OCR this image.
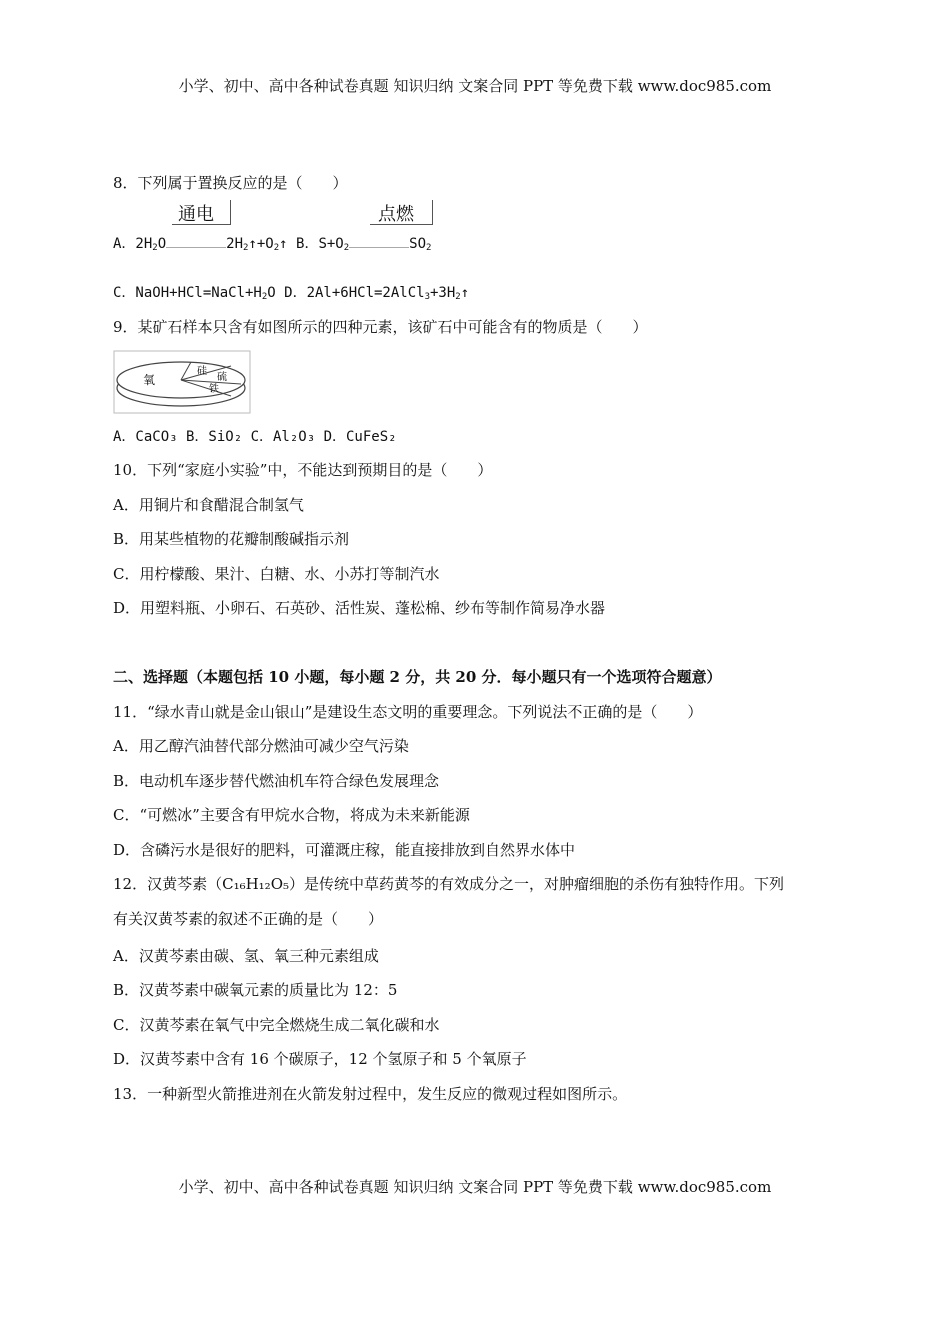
小学、初中、高中各种试卷真题 知识归纳 文案合同 PPT 等免费下载 www.doc985.com
8．下列属于置换反应的是（　　）
通电	点燃
A．$2H_2O$	$2H_2↑+O_2↑$ B．$S+O_2$	$SO_2$
C．$NaOH+HCl=NaCl+H_2O$ D．$2Al+6HCl=2AlCl_3+3H_2↑$
9．某矿石样本只含有如图所示的四种元素，该矿石中可能含有的物质是（　　）
氧
硅
硫
铁
A．CaCO₃ B．SiO₂ C．Al₂O₃ D．CuFeS₂
10．下列“家庭小实验”中，不能达到预期目的是（　　）
A．用铜片和食醋混合制氢气
B．用某些植物的花瓣制酸碱指示剂
C．用柠檬酸、果汁、白糖、水、小苏打等制汽水
D．用塑料瓶、小卵石、石英砂、活性炭、蓬松棉、纱布等制作简易净水器
二、选择题（本题包括 10 小题，每小题 2 分，共 20 分．每小题只有一个选项符合题意）
11．“绿水青山就是金山银山”是建设生态文明的重要理念。下列说法不正确的是（　　）
A．用乙醇汽油替代部分燃油可减少空气污染
B．电动机车逐步替代燃油机车符合绿色发展理念
C．“可燃冰”主要含有甲烷水合物，将成为未来新能源
D．含磷污水是很好的肥料，可灌溉庄稼，能直接排放到自然界水体中
12．汉黄芩素（C₁₆H₁₂O₅）是传统中草药黄芩的有效成分之一，对肿瘤细胞的杀伤有独特作用。下列
有关汉黄芩素的叙述不正确的是（　　）
A．汉黄芩素由碳、氢、氧三种元素组成
B．汉黄芩素中碳氧元素的质量比为 12：5
C．汉黄芩素在氧气中完全燃烧生成二氧化碳和水
D．汉黄芩素中含有 16 个碳原子，12 个氢原子和 5 个氧原子
13．一种新型火箭推进剂在火箭发射过程中，发生反应的微观过程如图所示。
小学、初中、高中各种试卷真题 知识归纳 文案合同 PPT 等免费下载 www.doc985.com
